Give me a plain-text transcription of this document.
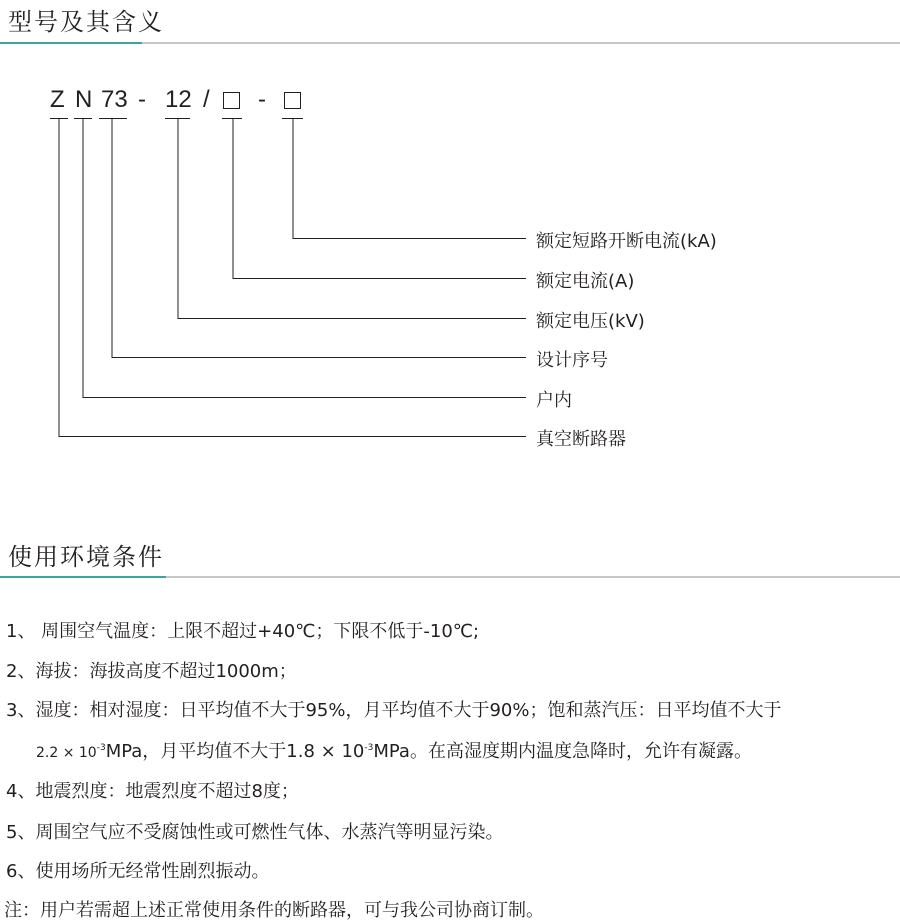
型号及其含义
Z N 73 - 12 / -
额定短路开断电流(kA)
额定电流(A)
额定电压(kV)
设计序号
户内
真空断路器
使用环境条件
1、 周围空气温度：上限不超过+40℃；下限不低于-10℃;
2、海拔：海拔高度不超过1000m；
3、湿度：相对湿度：日平均值不大于95%，月平均值不大于90%；饱和蒸汽压：日平均值不大于
$2.2 \times 10^{-3}MPa$，月平均值不大于$1.8 \times 10^{-3}MPa$。在高湿度期内温度急降时，允许有凝露。
4、地震烈度：地震烈度不超过8度；
5、周围空气应不受腐蚀性或可燃性气体、水蒸汽等明显污染。
6、使用场所无经常性剧烈振动。
注：用户若需超上述正常使用条件的断路器，可与我公司协商订制。
